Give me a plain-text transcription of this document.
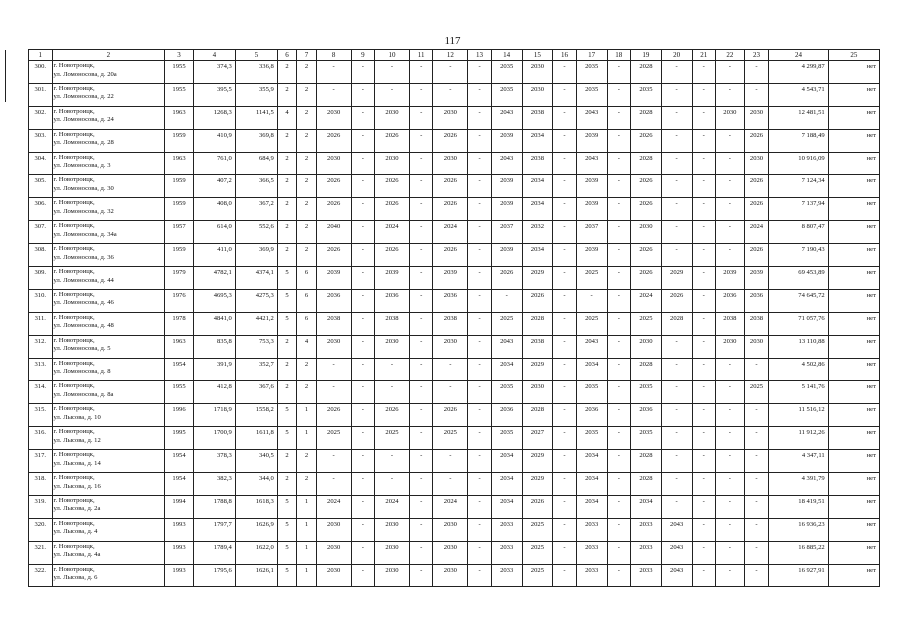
117
1	2	3	4	5	6	7	8	9	10	11	12	13	14	15	16	17	18	19	20	21	22	23	24	25
300.	г. Новотроицк,
ул. Ломоносова, д. 20а	1955	374,3	336,8	2	2	-	-	-	-	-	-	2035	2030	-	2035	-	2028	-	-	-	-	4 299,87	нет
301.	г. Новотроицк,
ул. Ломоносова, д. 22	1955	395,5	355,9	2	2	-	-	-	-	-	-	2035	2030	-	2035	-	2035	-	-	-	-	4 543,71	нет
302.	г. Новотроицк,
ул. Ломоносова, д. 24	1963	1268,3	1141,5	4	2	2030	-	2030	-	2030	-	2043	2038	-	2043	-	2028	-	-	2030	2030	12 481,51	нет
303.	г. Новотроицк,
ул. Ломоносова, д. 28	1959	410,9	369,8	2	2	2026	-	2026	-	2026	-	2039	2034	-	2039	-	2026	-	-	-	2026	7 188,49	нет
304.	г. Новотроицк,
ул. Ломоносова, д. 3	1963	761,0	684,9	2	2	2030	-	2030	-	2030	-	2043	2038	-	2043	-	2028	-	-	-	2030	10 916,09	нет
305.	г. Новотроицк,
ул. Ломоносова, д. 30	1959	407,2	366,5	2	2	2026	-	2026	-	2026	-	2039	2034	-	2039	-	2026	-	-	-	2026	7 124,34	нет
306.	г. Новотроицк,
ул. Ломоносова, д. 32	1959	408,0	367,2	2	2	2026	-	2026	-	2026	-	2039	2034	-	2039	-	2026	-	-	-	2026	7 137,94	нет
307.	г. Новотроицк,
ул. Ломоносова, д. 34а	1957	614,0	552,6	2	2	2040	-	2024	-	2024	-	2037	2032	-	2037	-	2030	-	-	-	2024	8 807,47	нет
308.	г. Новотроицк,
ул. Ломоносова, д. 36	1959	411,0	369,9	2	2	2026	-	2026	-	2026	-	2039	2034	-	2039	-	2026	-	-	-	2026	7 190,43	нет
309.	г. Новотроицк,
ул. Ломоносова, д. 44	1979	4782,1	4374,1	5	6	2039	-	2039	-	2039	-	2026	2029	-	2025	-	2026	2029	-	2039	2039	69 453,89	нет
310.	г. Новотроицк,
ул. Ломоносова, д. 46	1976	4695,3	4275,3	5	6	2036	-	2036	-	2036	-	-	2026	-	-	-	2024	2026	-	2036	2036	74 645,72	нет
311.	г. Новотроицк,
ул. Ломоносова, д. 48	1978	4841,0	4421,2	5	6	2038	-	2038	-	2038	-	2025	2028	-	2025	-	2025	2028	-	2038	2038	71 057,76	нет
312.	г. Новотроицк,
ул. Ломоносова, д. 5	1963	835,8	753,3	2	4	2030	-	2030	-	2030	-	2043	2038	-	2043	-	2030	-	-	2030	2030	13 110,88	нет
313.	г. Новотроицк,
ул. Ломоносова, д. 8	1954	391,9	352,7	2	2	-	-	-	-	-	-	2034	2029	-	2034	-	2028	-	-	-	-	4 502,86	нет
314.	г. Новотроицк,
ул. Ломоносова, д. 8а	1955	412,8	367,6	2	2	-	-	-	-	-	-	2035	2030	-	2035	-	2035	-	-	-	2025	5 141,76	нет
315.	г. Новотроицк,
ул. Лысова, д. 10	1996	1718,9	1558,2	5	1	2026	-	2026	-	2026	-	2036	2028	-	2036	-	2036	-	-	-	-	11 516,12	нет
316.	г. Новотроицк,
ул. Лысова, д. 12	1995	1700,9	1611,8	5	1	2025	-	2025	-	2025	-	2035	2027	-	2035	-	2035	-	-	-	-	11 912,26	нет
317.	г. Новотроицк,
ул. Лысова, д. 14	1954	378,3	340,5	2	2	-	-	-	-	-	-	2034	2029	-	2034	-	2028	-	-	-	-	4 347,11	нет
318.	г. Новотроицк,
ул. Лысова, д. 16	1954	382,3	344,0	2	2	-	-	-	-	-	-	2034	2029	-	2034	-	2028	-	-	-	-	4 391,79	нет
319.	г. Новотроицк,
ул. Лысова, д. 2а	1994	1788,8	1618,3	5	1	2024	-	2024	-	2024	-	2034	2026	-	2034	-	2034	-	-	-	-	18 419,51	нет
320.	г. Новотроицк,
ул. Лысова, д. 4	1993	1797,7	1626,9	5	1	2030	-	2030	-	2030	-	2033	2025	-	2033	-	2033	2043	-	-	-	16 936,23	нет
321.	г. Новотроицк,
ул. Лысова, д. 4а	1993	1789,4	1622,0	5	1	2030	-	2030	-	2030	-	2033	2025	-	2033	-	2033	2043	-	-	-	16 885,22	нет
322.	г. Новотроицк,
ул. Лысова, д. 6	1993	1795,6	1626,1	5	1	2030	-	2030	-	2030	-	2033	2025	-	2033	-	2033	2043	-	-	-	16 927,91	нет
